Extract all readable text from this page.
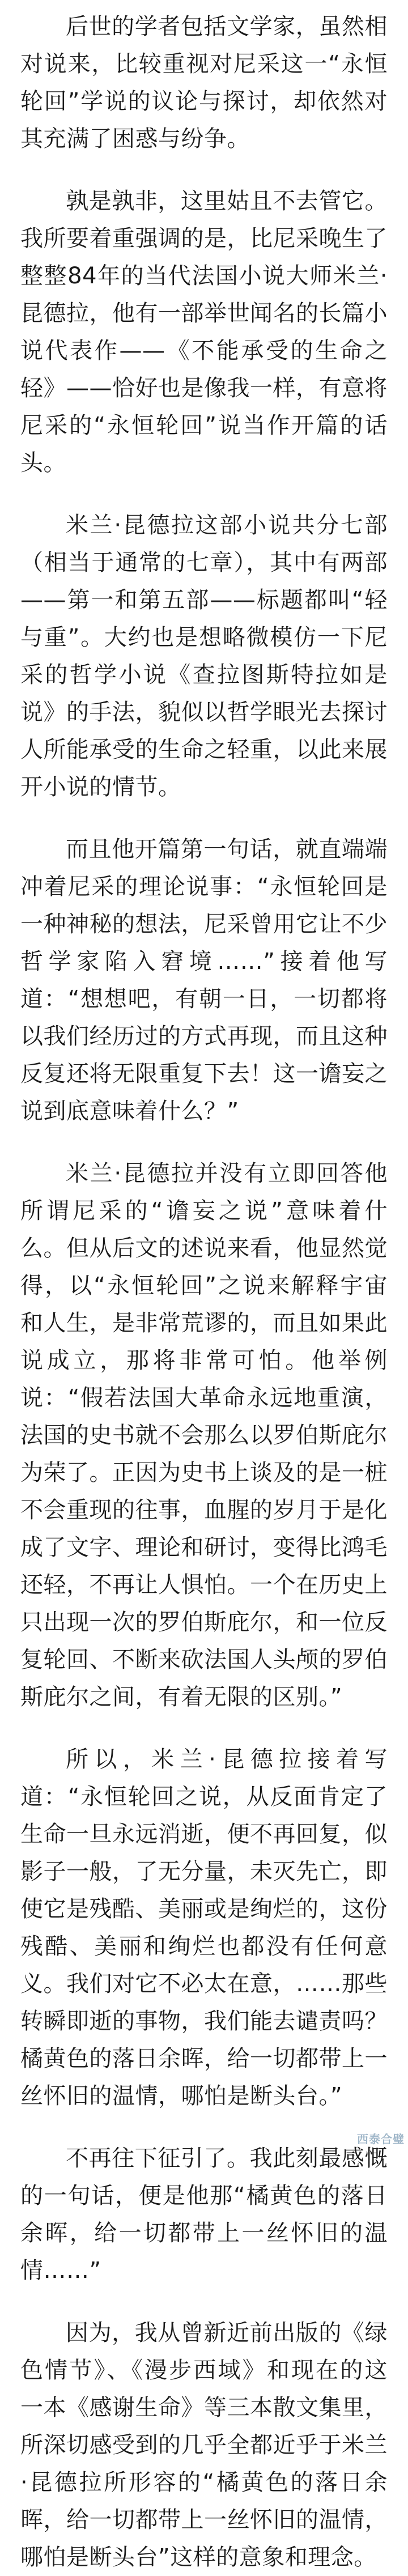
后世的学者包括文学家，虽然相对说来，比较重视对尼采这一“永恒轮回”学说的议论与探讨，却依然对其充满了困惑与纷争。

孰是孰非，这里姑且不去管它。我所要着重强调的是，比尼采晚生了整整84年的当代法国小说大师米兰·昆德拉，他有一部举世闻名的长篇小说代表作——《不能承受的生命之轻》——恰好也是像我一样，有意将尼采的“永恒轮回”说当作开篇的话头。

米兰·昆德拉这部小说共分七部（相当于通常的七章），其中有两部——第一和第五部——标题都叫“轻与重”。大约也是想略微模仿一下尼采的哲学小说《查拉图斯特拉如是说》的手法，貌似以哲学眼光去探讨人所能承受的生命之轻重，以此来展开小说的情节。

而且他开篇第一句话，就直端端冲着尼采的理论说事：“永恒轮回是一种神秘的想法，尼采曾用它让不少哲学家陷入窘境……”接着他写道：“想想吧，有朝一日，一切都将以我们经历过的方式再现，而且这种反复还将无限重复下去！这一谵妄之说到底意味着什么？”

米兰·昆德拉并没有立即回答他所谓尼采的“谵妄之说”意味着什么。但从后文的述说来看，他显然觉得，以“永恒轮回”之说来解释宇宙和人生，是非常荒谬的，而且如果此说成立，那将非常可怕。他举例说：“假若法国大革命永远地重演，法国的史书就不会那么以罗伯斯庇尔为荣了。正因为史书上谈及的是一桩不会重现的往事，血腥的岁月于是化成了文字、理论和研讨，变得比鸿毛还轻，不再让人惧怕。一个在历史上只出现一次的罗伯斯庇尔，和一位反复轮回、不断来砍法国人头颅的罗伯斯庇尔之间，有着无限的区别。”

所以，米兰·昆德拉接着写道：“永恒轮回之说，从反面肯定了生命一旦永远消逝，便不再回复，似影子一般，了无分量，未灭先亡，即使它是残酷、美丽或是绚烂的，这份残酷、美丽和绚烂也都没有任何意义。我们对它不必太在意，……那些转瞬即逝的事物，我们能去谴责吗？橘黄色的落日余晖，给一切都带上一丝怀旧的温情，哪怕是断头台。”

不再往下征引了。我此刻最感慨的一句话，便是他那“橘黄色的落日余晖，给一切都带上一丝怀旧的温情……”

因为，我从曾新近前出版的《绿色情节》、《漫步西域》和现在的这一本《感谢生命》等三本散文集里，所深切感受到的几乎全都近乎于米兰·昆德拉所形容的“橘黄色的落日余晖，给一切都带上一丝怀旧的温情，哪怕是断头台”这样的意象和理念。

西泰合璧
